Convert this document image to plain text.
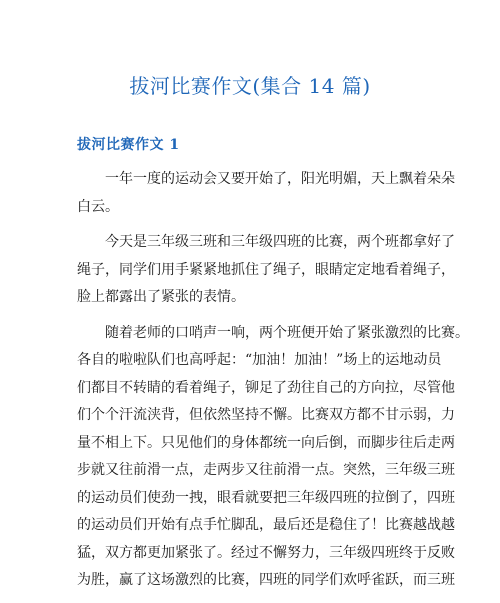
拔河比赛作文(集合 14 篇)
拔河比赛作文 1
一年一度的运动会又要开始了，阳光明媚，天上飘着朵朵
白云。
今天是三年级三班和三年级四班的比赛，两个班都拿好了
绳子，同学们用手紧紧地抓住了绳子，眼睛定定地看着绳子，
脸上都露出了紧张的表情。
随着老师的口哨声一响，两个班便开始了紧张激烈的比赛。
各自的啦啦队们也高呼起：“加油！加油！”场上的运地动员
们都目不转睛的看着绳子，铆足了劲往自己的方向拉，尽管他
们个个汗流浃背，但依然坚持不懈。比赛双方都不甘示弱，力
量不相上下。只见他们的身体都统一向后倒，而脚步往后走两
步就又往前滑一点，走两步又往前滑一点。突然，三年级三班
的运动员们使劲一拽，眼看就要把三年级四班的拉倒了，四班
的运动员们开始有点手忙脚乱，最后还是稳住了！比赛越战越
猛，双方都更加紧张了。经过不懈努力，三年级四班终于反败
为胜，赢了这场激烈的比赛，四班的同学们欢呼雀跃，而三班
